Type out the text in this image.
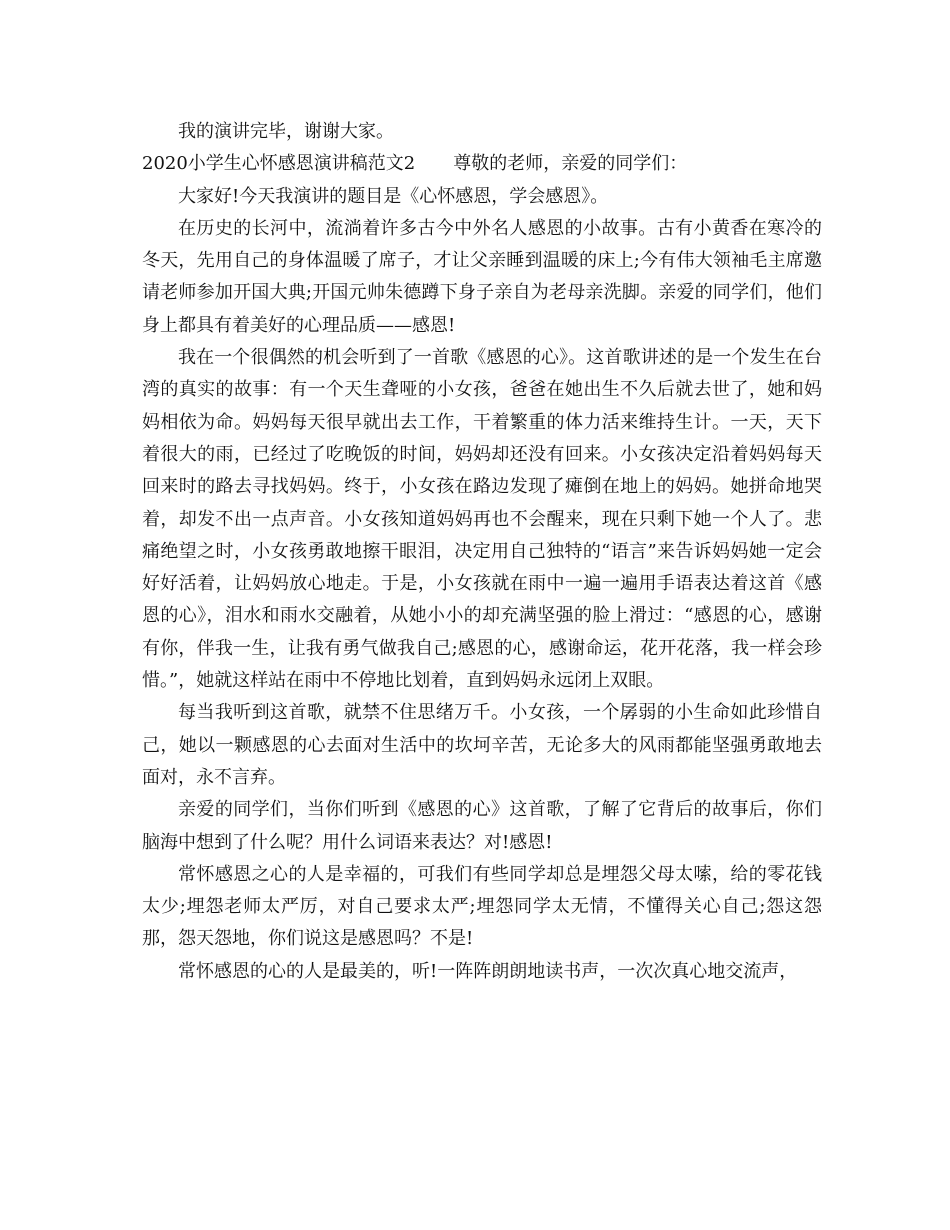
我的演讲完毕，谢谢大家。

2020小学生心怀感恩演讲稿范文2 尊敬的老师，亲爱的同学们：

大家好!今天我演讲的题目是《心怀感恩，学会感恩》。

在历史的长河中，流淌着许多古今中外名人感恩的小故事。古有小黄香在寒冷的冬天，先用自己的身体温暖了席子，才让父亲睡到温暖的床上;今有伟大领袖毛主席邀请老师参加开国大典;开国元帅朱德蹲下身子亲自为老母亲洗脚。亲爱的同学们，他们身上都具有着美好的心理品质——感恩!

我在一个很偶然的机会听到了一首歌《感恩的心》。这首歌讲述的是一个发生在台湾的真实的故事：有一个天生聋哑的小女孩，爸爸在她出生不久后就去世了，她和妈妈相依为命。妈妈每天很早就出去工作，干着繁重的体力活来维持生计。一天，天下着很大的雨，已经过了吃晚饭的时间，妈妈却还没有回来。小女孩决定沿着妈妈每天回来时的路去寻找妈妈。终于，小女孩在路边发现了瘫倒在地上的妈妈。她拼命地哭着，却发不出一点声音。小女孩知道妈妈再也不会醒来，现在只剩下她一个人了。悲痛绝望之时，小女孩勇敢地擦干眼泪，决定用自己独特的“语言”来告诉妈妈她一定会好好活着，让妈妈放心地走。于是，小女孩就在雨中一遍一遍用手语表达着这首《感恩的心》，泪水和雨水交融着，从她小小的却充满坚强的脸上滑过：“感恩的心，感谢有你，伴我一生，让我有勇气做我自己;感恩的心，感谢命运，花开花落，我一样会珍惜。”，她就这样站在雨中不停地比划着，直到妈妈永远闭上双眼。

每当我听到这首歌，就禁不住思绪万千。小女孩，一个孱弱的小生命如此珍惜自己，她以一颗感恩的心去面对生活中的坎坷辛苦，无论多大的风雨都能坚强勇敢地去面对，永不言弃。

亲爱的同学们，当你们听到《感恩的心》这首歌，了解了它背后的故事后，你们脑海中想到了什么呢？用什么词语来表达？对!感恩!

常怀感恩之心的人是幸福的，可我们有些同学却总是埋怨父母太嗦，给的零花钱太少;埋怨老师太严厉，对自己要求太严;埋怨同学太无情，不懂得关心自己;怨这怨那，怨天怨地，你们说这是感恩吗？不是!

常怀感恩的心的人是最美的，听!一阵阵朗朗地读书声，一次次真心地交流声，
